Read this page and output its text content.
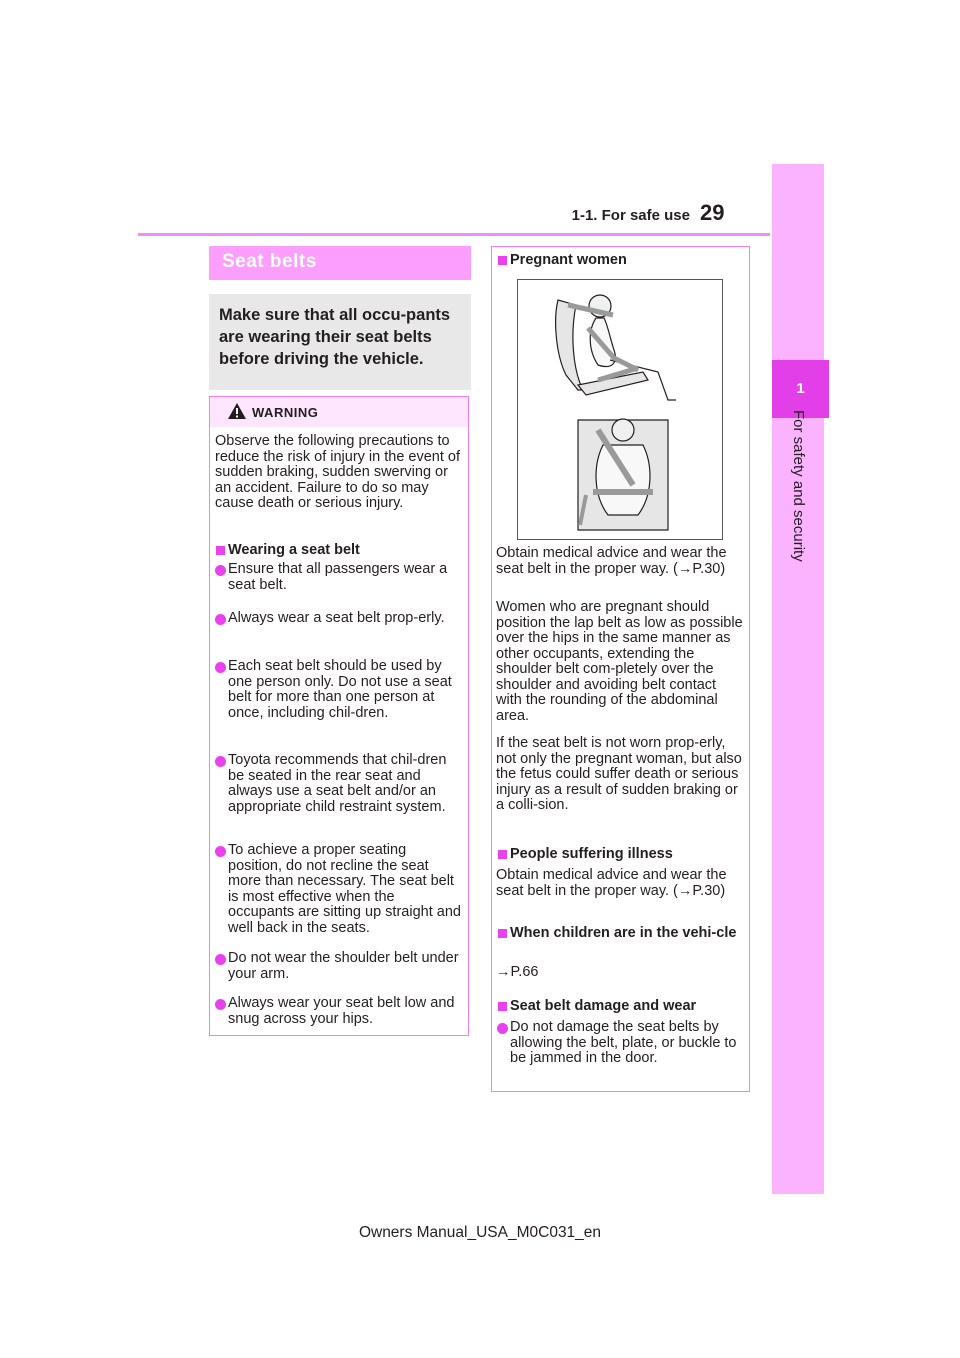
1-1. For safe use 29
1
For safety and security
Seat belts
Make sure that all occu-pants are wearing their seat belts before driving the vehicle.
WARNING
Observe the following precautions to reduce the risk of injury in the event of sudden braking, sudden swerving or an accident. Failure to do so may cause death or serious injury.
Wearing a seat belt
Ensure that all passengers wear a seat belt.
Always wear a seat belt prop-erly.
Each seat belt should be used by one person only. Do not use a seat belt for more than one person at once, including chil-dren.
Toyota recommends that chil-dren be seated in the rear seat and always use a seat belt and/or an appropriate child restraint system.
To achieve a proper seating position, do not recline the seat more than necessary. The seat belt is most effective when the occupants are sitting up straight and well back in the seats.
Do not wear the shoulder belt under your arm.
Always wear your seat belt low and snug across your hips.
Pregnant women
Obtain medical advice and wear the seat belt in the proper way. (→P.30)
Women who are pregnant should position the lap belt as low as possible over the hips in the same manner as other occupants, extending the shoulder belt com-pletely over the shoulder and avoiding belt contact with the rounding of the abdominal area.
If the seat belt is not worn prop-erly, not only the pregnant woman, but also the fetus could suffer death or serious injury as a result of sudden braking or a colli-sion.
People suffering illness
Obtain medical advice and wear the seat belt in the proper way. (→P.30)
When children are in the vehi-cle
→P.66
Seat belt damage and wear
Do not damage the seat belts by allowing the belt, plate, or buckle to be jammed in the door.
Owners Manual_USA_M0C031_en
